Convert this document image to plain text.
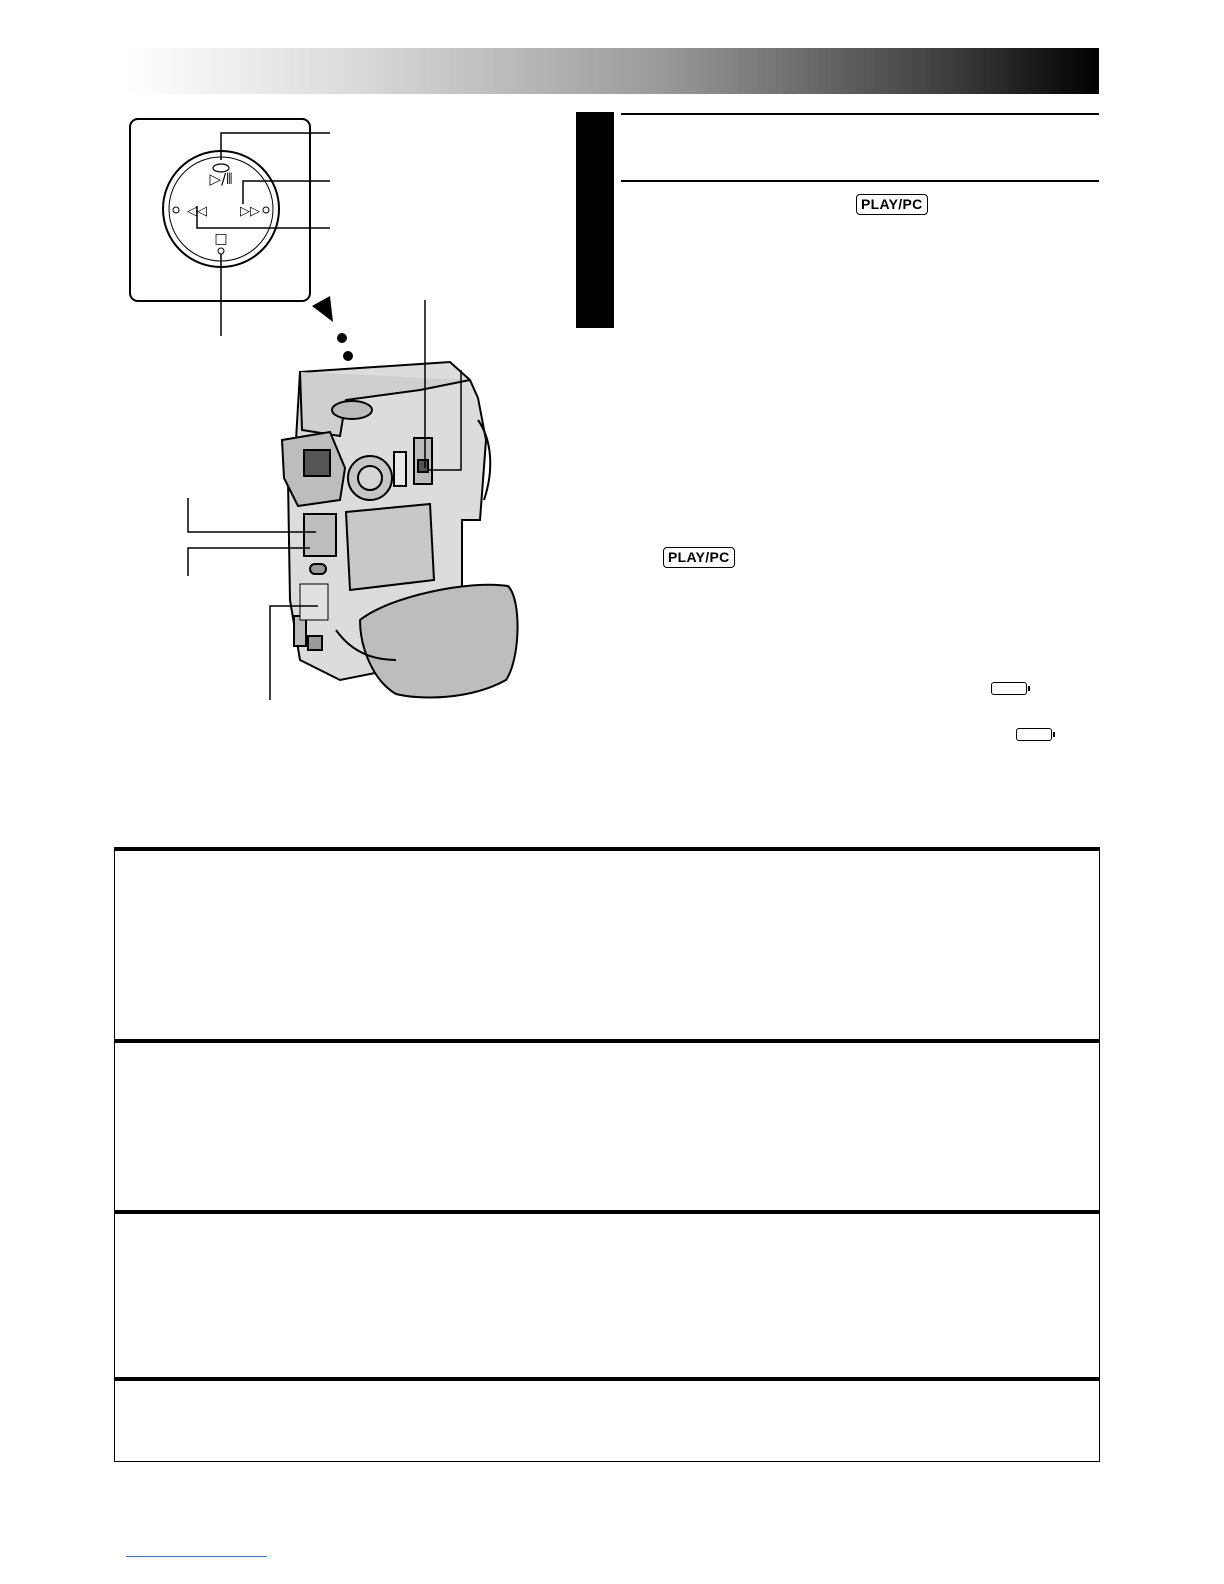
▷/⫴
▷▷
◁◁
□
PLAY/PC
PLAY/PC
